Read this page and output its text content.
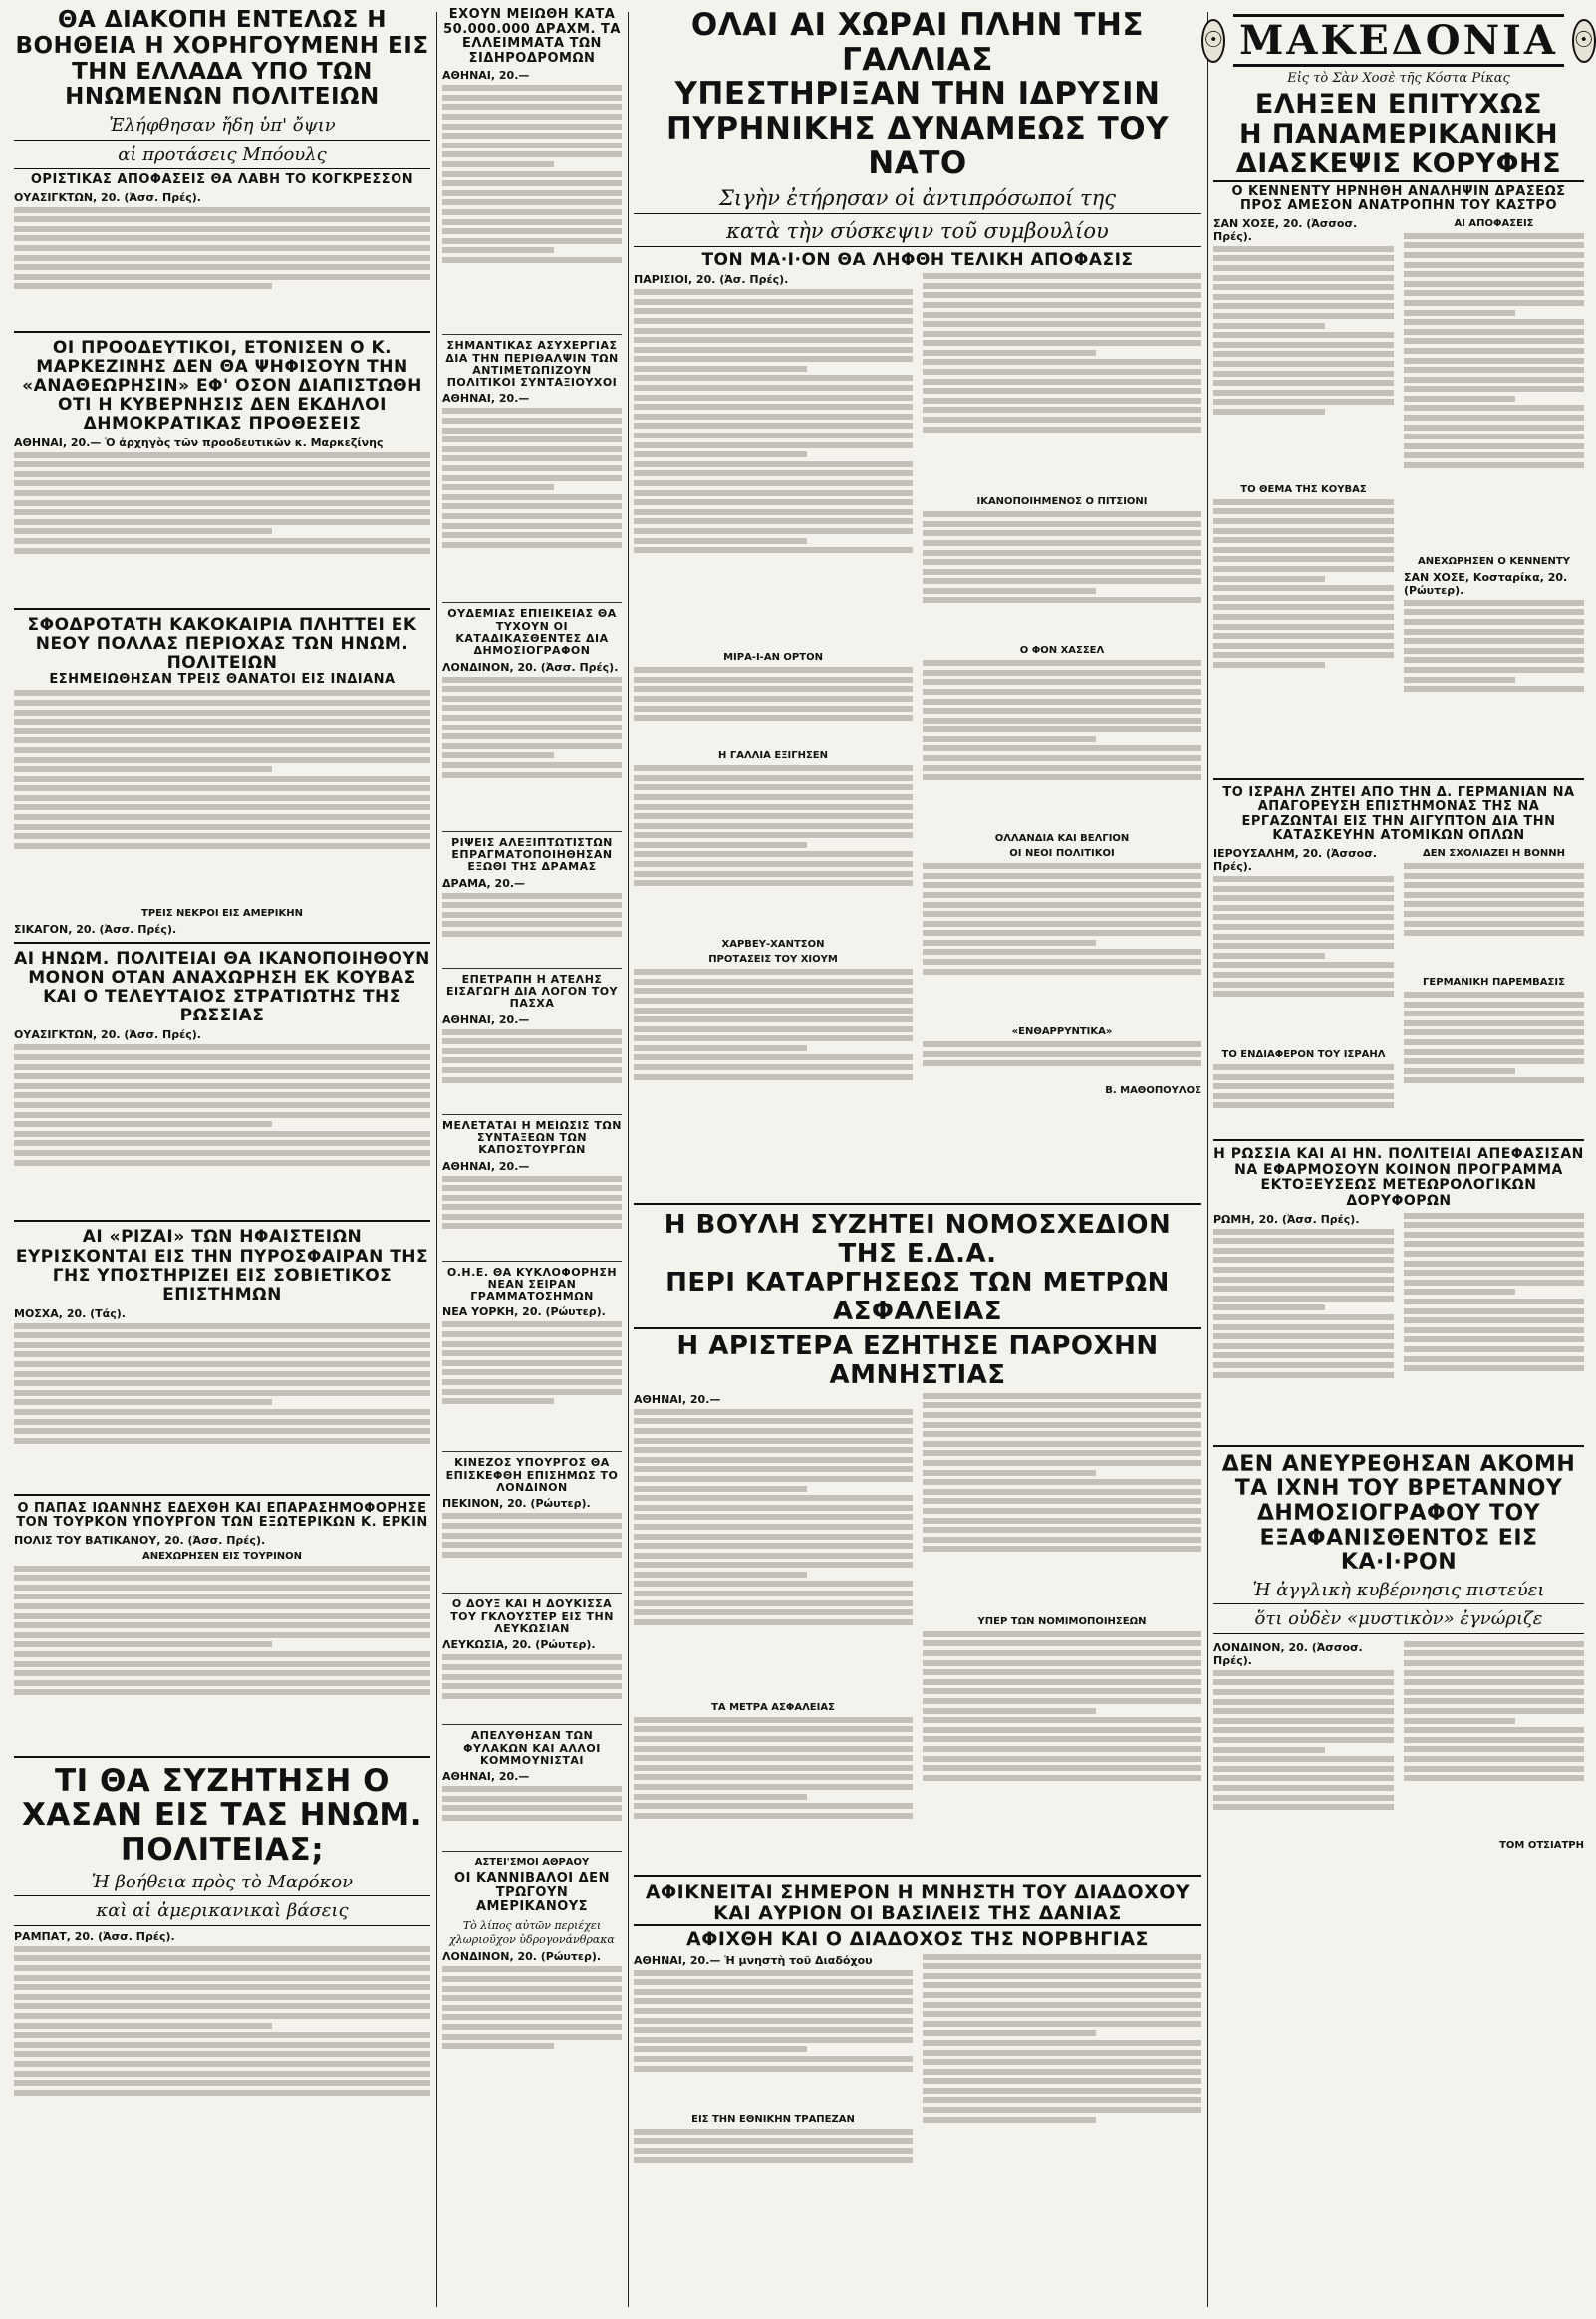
ΘΑ ΔΙΑΚΟΠΗ ΕΝΤΕΛΩΣ Η ΒΟΗΘΕΙΑ Η ΧΟΡΗΓΟΥΜΕΝΗ ΕΙΣ ΤΗΝ ΕΛΛΑΔΑ ΥΠΟ ΤΩΝ ΗΝΩΜΕΝΩΝ ΠΟΛΙΤΕΙΩΝ
Ἐλήφθησαν ἤδη ὑπ' ὄψιν
αἱ προτάσεις Μπόουλς
ΟΡΙΣΤΙΚΑΣ ΑΠΟΦΑΣΕΙΣ ΘΑ ΛΑΒΗ ΤΟ ΚΟΓΚΡΕΣΣΟΝ
ΟΥΑΣΙΓΚΤΩΝ, 20. (Ἀσσ. Πρές).
ΟΙ ΠΡΟΟΔΕΥΤΙΚΟΙ, ΕΤΟΝΙΣΕΝ Ο Κ. ΜΑΡΚΕΖΙΝΗΣ ΔΕΝ ΘΑ ΨΗΦΙΣΟΥΝ ΤΗΝ «ΑΝΑΘΕΩΡΗΣΙΝ» ΕΦ' ΟΣΟΝ ΔΙΑΠΙΣΤΩΘΗ ΟΤΙ Η ΚΥΒΕΡΝΗΣΙΣ ΔΕΝ ΕΚΔΗΛΟΙ ΔΗΜΟΚΡΑΤΙΚΑΣ ΠΡΟΘΕΣΕΙΣ
ΑΘΗΝΑΙ, 20.— Ὁ ἀρχηγὸς τῶν προοδευτικῶν κ. Μαρκεζίνης
ΣΦΟΔΡΟΤΑΤΗ ΚΑΚΟΚΑΙΡΙΑ ΠΛΗΤΤΕΙ ΕΚ ΝΕΟΥ ΠΟΛΛΑΣ ΠΕΡΙΟΧΑΣ ΤΩΝ ΗΝΩΜ. ΠΟΛΙΤΕΙΩΝ
ΕΣΗΜΕΙΩΘΗΣΑΝ ΤΡΕΙΣ ΘΑΝΑΤΟΙ ΕΙΣ ΙΝΔΙΑΝΑ
ΤΡΕΙΣ ΝΕΚΡΟΙ ΕΙΣ ΑΜΕΡΙΚΗΝ
ΣΙΚΑΓΟΝ, 20. (Ἀσσ. Πρές).
ΑΙ ΗΝΩΜ. ΠΟΛΙΤΕΙΑΙ ΘΑ ΙΚΑΝΟΠΟΙΗΘΟΥΝ ΜΟΝΟΝ ΟΤΑΝ ΑΝΑΧΩΡΗΣΗ ΕΚ ΚΟΥΒΑΣ ΚΑΙ Ο ΤΕΛΕΥΤΑΙΟΣ ΣΤΡΑΤΙΩΤΗΣ ΤΗΣ ΡΩΣΣΙΑΣ
ΟΥΑΣΙΓΚΤΩΝ, 20. (Ἀσσ. Πρές).
ΑΙ «ΡΙΖΑΙ» ΤΩΝ ΗΦΑΙΣΤΕΙΩΝ ΕΥΡΙΣΚΟΝΤΑΙ ΕΙΣ ΤΗΝ ΠΥΡΟΣΦΑΙΡΑΝ ΤΗΣ ΓΗΣ ΥΠΟΣΤΗΡΙΖΕΙ ΕΙΣ ΣΟΒΙΕΤΙΚΟΣ ΕΠΙΣΤΗΜΩΝ
ΜΟΣΧΑ, 20. (Τάς).
Ο ΠΑΠΑΣ ΙΩΑΝΝΗΣ ΕΔΕΧΘΗ ΚΑΙ ΕΠΑΡΑΣΗΜΟΦΟΡΗΣΕ ΤΟΝ ΤΟΥΡΚΟΝ ΥΠΟΥΡΓΟΝ ΤΩΝ ΕΞΩΤΕΡΙΚΩΝ Κ. ΕΡΚΙΝ
ΠΟΛΙΣ ΤΟΥ ΒΑΤΙΚΑΝΟΥ, 20. (Ἀσσ. Πρές).
ΑΝΕΧΩΡΗΣΕΝ ΕΙΣ ΤΟΥΡΙΝΟΝ
ΤΙ ΘΑ ΣΥΖΗΤΗΣΗ Ο ΧΑΣΑΝ ΕΙΣ ΤΑΣ ΗΝΩΜ. ΠΟΛΙΤΕΙΑΣ;
Ἡ βοήθεια πρὸς τὸ Μαρόκον
καὶ αἱ ἀμερικανικαὶ βάσεις
ΡΑΜΠΑΤ, 20. (Ἀσσ. Πρές).
ΕΧΟΥΝ ΜΕΙΩΘΗ ΚΑΤΑ 50.000.000 ΔΡΑΧΜ. ΤΑ ΕΛΛΕΙΜΜΑΤΑ ΤΩΝ ΣΙΔΗΡΟΔΡΟΜΩΝ
ΑΘΗΝΑΙ, 20.—
ΣΗΜΑΝΤΙΚΑΣ ΑΣΥΧΕΡΓΙΑΣ ΔΙΑ ΤΗΝ ΠΕΡΙΘΑΛΨΙΝ ΤΩΝ ΑΝΤΙΜΕΤΩΠΙΖΟΥΝ ΠΟΛΙΤΙΚΟΙ ΣΥΝΤΑΞΙΟΥΧΟΙ
ΑΘΗΝΑΙ, 20.—
ΟΥΔΕΜΙΑΣ ΕΠΙΕΙΚΕΙΑΣ ΘΑ ΤΥΧΟΥΝ ΟΙ ΚΑΤΑΔΙΚΑΣΘΕΝΤΕΣ ΔΙΑ ΔΗΜΟΣΙΟΓΡΑΦΟΝ
ΛΟΝΔΙΝΟΝ, 20. (Ἀσσ. Πρές).
ΡΙΨΕΙΣ ΑΛΕΞΙΠΤΩΤΙΣΤΩΝ ΕΠΡΑΓΜΑΤΟΠΟΙΗΘΗΣΑΝ ΕΞΩΘΙ ΤΗΣ ΔΡΑΜΑΣ
ΔΡΑΜΑ, 20.—
ΕΠΕΤΡΑΠΗ Η ΑΤΕΛΗΣ ΕΙΣΑΓΩΓΗ ΔΙΑ ΛΟΓΟΝ ΤΟΥ ΠΑΣΧΑ
ΑΘΗΝΑΙ, 20.—
ΜΕΛΕΤΑΤΑΙ Η ΜΕΙΩΣΙΣ ΤΩΝ ΣΥΝΤΑΞΕΩΝ ΤΩΝ ΚΑΠΟΣΤΟΥΡΓΩΝ
ΑΘΗΝΑΙ, 20.—
Ο.Η.Ε. ΘΑ ΚΥΚΛΟΦΟΡΗΣΗ ΝΕΑΝ ΣΕΙΡΑΝ ΓΡΑΜΜΑΤΟΣΗΜΩΝ
ΝΕΑ ΥΟΡΚΗ, 20. (Ρώυτερ).
ΚΙΝΕΖΟΣ ΥΠΟΥΡΓΟΣ ΘΑ ΕΠΙΣΚΕΦΘΗ ΕΠΙΣΗΜΩΣ ΤΟ ΛΟΝΔΙΝΟΝ
ΠΕΚΙΝΟΝ, 20. (Ρώυτερ).
Ο ΔΟΥΞ ΚΑΙ Η ΔΟΥΚΙΣΣΑ ΤΟΥ ΓΚΛΟΥΣΤΕΡ ΕΙΣ ΤΗΝ ΛΕΥΚΩΣΙΑΝ
ΛΕΥΚΩΣΙΑ, 20. (Ρώυτερ).
ΑΠΕΛΥΘΗΣΑΝ ΤΩΝ ΦΥΛΑΚΩΝ ΚΑΙ ΑΛΛΟΙ ΚΟΜΜΟΥΝΙΣΤΑΙ
ΑΘΗΝΑΙ, 20.—
ΑΣΤΕΙ'ΣΜΟΙ ΑΘΡΑΟΥ
ΟΙ ΚΑΝΝΙΒΑΛΟΙ ΔΕΝ ΤΡΩΓΟΥΝ ΑΜΕΡΙΚΑΝΟΥΣ
Τὸ λίπος αὐτῶν περιέχει χλωριοῦχον ὑδρογονάνθρακα
ΛΟΝΔΙΝΟΝ, 20. (Ρώυτερ).
ΟΛΑΙ ΑΙ ΧΩΡΑΙ ΠΛΗΝ ΤΗΣ ΓΑΛΛΙΑΣ
ΥΠΕΣΤΗΡΙΞΑΝ ΤΗΝ ΙΔΡΥΣΙΝ
ΠΥΡΗΝΙΚΗΣ ΔΥΝΑΜΕΩΣ ΤΟΥ ΝΑΤΟ
Σιγὴν ἐτήρησαν οἱ ἀντιπρόσωποί της
κατὰ τὴν σύσκεψιν τοῦ συμβουλίου
ΤΟΝ ΜΑ·Ι·ΟΝ ΘΑ ΛΗΦΘΗ ΤΕΛΙΚΗ ΑΠΟΦΑΣΙΣ
ΠΑΡΙΣΙΟΙ, 20. (Ἀσ. Πρές).
ΜΙΡΑ-Ι-ΑΝ ΟΡΤΟΝ
Η ΓΑΛΛΙΑ ΕΞΙΓΗΣΕΝ
ΧΑΡΒΕΥ-ΧΑΝΤΣΟΝ
ΠΡΟΤΑΣΕΙΣ ΤΟΥ ΧΙΟΥΜ
ΙΚΑΝΟΠΟΙΗΜΕΝΟΣ Ο ΠΙΤΣΙΟΝΙ
Ο ΦΟΝ ΧΑΣΣΕΛ
ΟΛΛΑΝΔΙΑ ΚΑΙ ΒΕΛΓΙΟΝ
ΟΙ ΝΕΟΙ ΠΟΛΙΤΙΚΟΙ
«ΕΝΘΑΡΡΥΝΤΙΚΑ»
Β. ΜΑΘΟΠΟΥΛΟΣ
Η ΒΟΥΛΗ ΣΥΖΗΤΕΙ ΝΟΜΟΣΧΕΔΙΟΝ ΤΗΣ Ε.Δ.Α.
ΠΕΡΙ ΚΑΤΑΡΓΗΣΕΩΣ ΤΩΝ ΜΕΤΡΩΝ ΑΣΦΑΛΕΙΑΣ
Η ΑΡΙΣΤΕΡΑ ΕΖΗΤΗΣΕ ΠΑΡΟΧΗΝ ΑΜΝΗΣΤΙΑΣ
ΑΘΗΝΑΙ, 20.—
ΤΑ ΜΕΤΡΑ ΑΣΦΑΛΕΙΑΣ
ΥΠΕΡ ΤΩΝ ΝΟΜΙΜΟΠΟΙΗΣΕΩΝ
ΑΦΙΚΝΕΙΤΑΙ ΣΗΜΕΡΟΝ Η ΜΝΗΣΤΗ ΤΟΥ ΔΙΑΔΟΧΟΥ
ΚΑΙ ΑΥΡΙΟΝ ΟΙ ΒΑΣΙΛΕΙΣ ΤΗΣ ΔΑΝΙΑΣ
ΑΦΙΧΘΗ ΚΑΙ Ο ΔΙΑΔΟΧΟΣ ΤΗΣ ΝΟΡΒΗΓΙΑΣ
ΑΘΗΝΑΙ, 20.— Ἡ μνηστὴ τοῦ Διαδόχου
ΕΙΣ ΤΗΝ ΕΘΝΙΚΗΝ ΤΡΑΠΕΖΑΝ
☉ ΜΑΚΕΔΟΝΙΑ ☉
Εἰς τὸ Σὰν Χοσὲ τῆς Κόστα Ρίκας
ΕΛΗΞΕΝ ΕΠΙΤΥΧΩΣ
Η ΠΑΝΑΜΕΡΙΚΑΝΙΚΗ
ΔΙΑΣΚΕΨΙΣ ΚΟΡΥΦΗΣ
Ο ΚΕΝΝΕΝΤΥ ΗΡΝΗΘΗ ΑΝΑΛΗΨΙΝ ΔΡΑΣΕΩΣ ΠΡΟΣ ΑΜΕΣΟΝ ΑΝΑΤΡΟΠΗΝ ΤΟΥ ΚΑΣΤΡΟ
ΣΑΝ ΧΟΣΕ, 20. (Ἀσσοσ. Πρές).
ΤΟ ΘΕΜΑ ΤΗΣ ΚΟΥΒΑΣ
ΑΙ ΑΠΟΦΑΣΕΙΣ
ΑΝΕΧΩΡΗΣΕΝ Ο ΚΕΝΝΕΝΤΥ
ΣΑΝ ΧΟΣΕ, Κοσταρίκα, 20. (Ρώυτερ).
ΤΟ ΙΣΡΑΗΛ ΖΗΤΕΙ ΑΠΟ ΤΗΝ Δ. ΓΕΡΜΑΝΙΑΝ ΝΑ ΑΠΑΓΟΡΕΥΣΗ ΕΠΙΣΤΗΜΟΝΑΣ ΤΗΣ ΝΑ ΕΡΓΑΖΩΝΤΑΙ ΕΙΣ ΤΗΝ ΑΙΓΥΠΤΟΝ ΔΙΑ ΤΗΝ ΚΑΤΑΣΚΕΥΗΝ ΑΤΟΜΙΚΩΝ ΟΠΛΩΝ
ΙΕΡΟΥΣΑΛΗΜ, 20. (Ἀσσοσ. Πρές).
ΤΟ ΕΝΔΙΑΦΕΡΟΝ ΤΟΥ ΙΣΡΑΗΛ
ΔΕΝ ΣΧΟΛΙΑΖΕΙ Η ΒΟΝΝΗ
ΓΕΡΜΑΝΙΚΗ ΠΑΡΕΜΒΑΣΙΣ
Η ΡΩΣΣΙΑ ΚΑΙ ΑΙ ΗΝ. ΠΟΛΙΤΕΙΑΙ ΑΠΕΦΑΣΙΣΑΝ ΝΑ ΕΦΑΡΜΟΣΟΥΝ ΚΟΙΝΟΝ ΠΡΟΓΡΑΜΜΑ ΕΚΤΟΞΕΥΣΕΩΣ ΜΕΤΕΩΡΟΛΟΓΙΚΩΝ ΔΟΡΥΦΟΡΩΝ
ΡΩΜΗ, 20. (Ἀσσ. Πρές).
ΔΕΝ ΑΝΕΥΡΕΘΗΣΑΝ ΑΚΟΜΗ ΤΑ ΙΧΝΗ ΤΟΥ ΒΡΕΤΑΝΝΟΥ ΔΗΜΟΣΙΟΓΡΑΦΟΥ ΤΟΥ ΕΞΑΦΑΝΙΣΘΕΝΤΟΣ ΕΙΣ ΚΑ·Ι·ΡΟΝ
Ἡ ἀγγλικὴ κυβέρνησις πιστεύει
ὅτι οὐδὲν «μυστικὸν» ἐγνώριζε
ΛΟΝΔΙΝΟΝ, 20. (Ἀσσοσ. Πρές).
ΤΟΜ ΟΤΣΙΑΤΡΗ
